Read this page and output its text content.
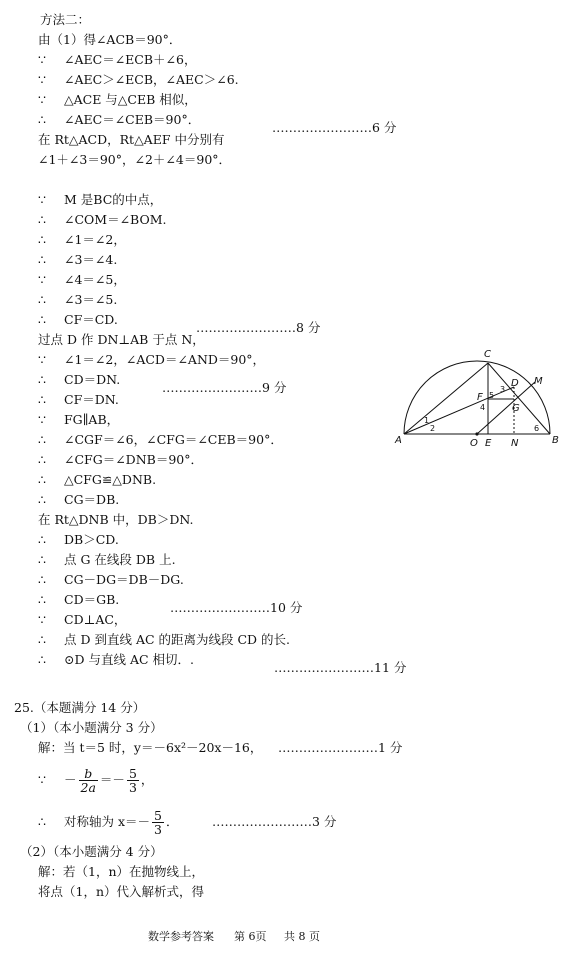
方法二：
由（1）得∠ACB＝90°．
∵ ∠AEC＝∠ECB＋∠6，
∵ ∠AEC＞∠ECB，∠AEC＞∠6.
∵ △ACE 与△CEB 相似，
∴ ∠AEC＝∠CEB＝90°．
在 Rt△ACD，Rt△AEF 中分别有
∠1＋∠3＝90°，∠2＋∠4＝90°．
∵ M 是BC的中点，
∴ ∠COM＝∠BOM.
∴ ∠1＝∠2，
∴ ∠3＝∠4.
∵ ∠4＝∠5，
∴ ∠3＝∠5.
∴ CF＝CD.
过点 D 作 DN⊥AB 于点 N，
∵ ∠1＝∠2，∠ACD＝∠AND＝90°，
∴ CD＝DN.
∴ CF＝DN.
∵ FG∥AB，
∴ ∠CGF＝∠6，∠CFG＝∠CEB＝90°．
∴ ∠CFG＝∠DNB＝90°．
∴ △CFG≌△DNB.
∴ CG＝DB.
在 Rt△DNB 中，DB＞DN.
∴ DB＞CD.
∴ 点 G 在线段 DB 上.
∴ CG－DG＝DB－DG.
∴ CD＝GB.
∵ CD⊥AC，
∴ 点 D 到直线 AC 的距离为线段 CD 的长.
∴ ⊙D 与直线 AC 相切．.
……………………6 分
……………………8 分
……………………9 分
……………………10 分
……………………11 分
A	B
C
D M
F
G
O E N
1
2
3
4
5
6
25.（本题满分 14 分）
（1）（本小题满分 3 分）
解：当 t＝5 时，y＝－6x²－20x－16， ……………………1 分
∵ － $\frac{b}{2a} =- \frac{5}{3}$ ，
∴ 对称轴为 $x=- \frac{5}{3}$ ．	……………………3 分
（2）（本小题满分 4 分）
解：若（1，n）在抛物线上，
将点（1，n）代入解析式，得
数学参考答案 第 6页 共 8 页
